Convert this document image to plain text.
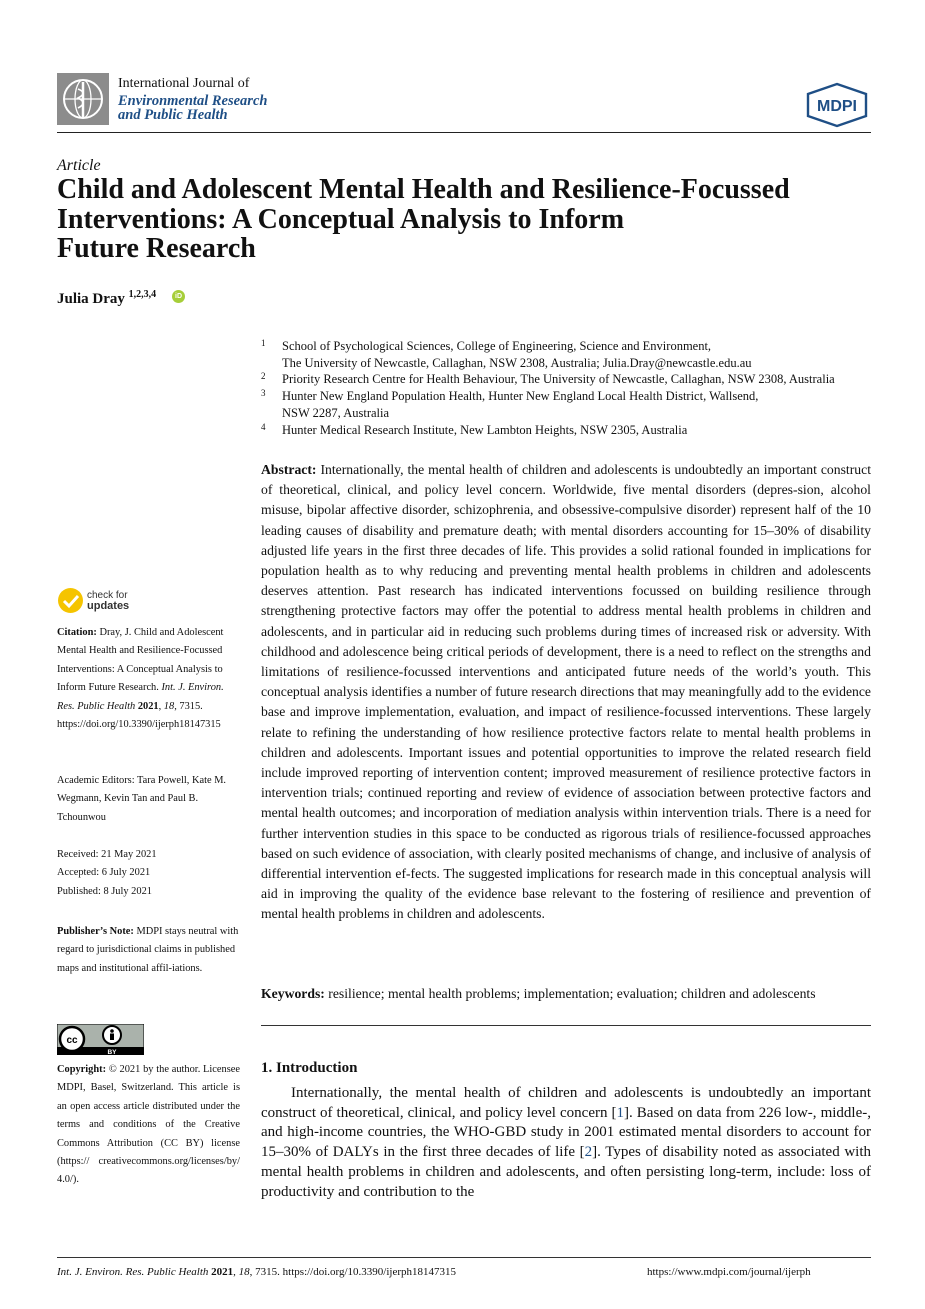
International Journal of
Environmental Research
and Public Health	MDPI
Article
Child and Adolescent Mental Health and Resilience-Focussed
Interventions: A Conceptual Analysis to Inform
Future Research
Julia Dray $^{1,2,3,4}$	iD
1 School of Psychological Sciences, College of Engineering, Science and Environment,
The University of Newcastle, Callaghan, NSW 2308, Australia; Julia.Dray@newcastle.edu.au
2 Priority Research Centre for Health Behaviour, The University of Newcastle, Callaghan, NSW 2308, Australia
3 Hunter New England Population Health, Hunter New England Local Health District, Wallsend,
NSW 2287, Australia
4 Hunter Medical Research Institute, New Lambton Heights, NSW 2305, Australia
Abstract: Internationally, the mental health of children and adolescents is undoubtedly an important construct of theoretical, clinical, and policy level concern. Worldwide, five mental disorders (depres-sion, alcohol misuse, bipolar affective disorder, schizophrenia, and obsessive-compulsive disorder) represent half of the 10 leading causes of disability and premature death; with mental disorders accounting for 15–30% of disability adjusted life years in the first three decades of life. This provides a solid rational founded in implications for population health as to why reducing and preventing mental health problems in children and adolescents deserves attention. Past research has indicated interventions focussed on building resilience through strengthening protective factors may offer the potential to address mental health problems in children and adolescents, and in particular aid in reducing such problems during times of increased risk or adversity. With childhood and adolescence being critical periods of development, there is a need to reflect on the strengths and limitations of resilience-focussed interventions and anticipated future needs of the world’s youth. This conceptual analysis identifies a number of future research directions that may meaningfully add to the evidence base and improve implementation, evaluation, and impact of resilience-focussed interventions. These largely relate to refining the understanding of how resilience protective factors relate to mental health problems in children and adolescents. Important issues and potential opportunities to improve the related research field include improved reporting of intervention content; improved measurement of resilience protective factors in intervention trials; continued reporting and review of evidence of association between protective factors and mental health outcomes; and incorporation of mediation analysis within intervention trials. There is a need for further intervention studies in this space to be conducted as rigorous trials of resilience-focussed approaches based on such evidence of association, with clearly posited mechanisms of change, and inclusive of analysis of differential intervention ef-fects. The suggested implications for research made in this conceptual analysis will aid in improving the quality of the evidence base relevant to the fostering of resilience and prevention of mental health problems in children and adolescents.
Keywords: resilience; mental health problems; implementation; evaluation; children and adolescents
1. Introduction
Internationally, the mental health of children and adolescents is undoubtedly an important construct of theoretical, clinical, and policy level concern [1]. Based on data from 226 low-, middle-, and high-income countries, the WHO-GBD study in 2001 estimated mental disorders to account for 15–30% of DALYs in the first three decades of life [2]. Types of disability noted as associated with mental health problems in children and adolescents, and often persisting long-term, include: loss of productivity and contribution to the
check for
updates
Citation: Dray, J. Child and Adolescent Mental Health and Resilience-Focussed Interventions: A Conceptual Analysis to Inform Future Research. Int. J. Environ. Res. Public Health 2021, 18, 7315. https://doi.org/10.3390/ijerph18147315
Academic Editors: Tara Powell, Kate M. Wegmann, Kevin Tan and Paul B. Tchounwou
Received: 21 May 2021
Accepted: 6 July 2021
Published: 8 July 2021
Publisher’s Note: MDPI stays neutral with regard to jurisdictional claims in published maps and institutional affil-iations.
cc
BY
Copyright: © 2021 by the author. Licensee MDPI, Basel, Switzerland. This article is an open access article distributed under the terms and conditions of the Creative Commons Attribution (CC BY) license (https:// creativecommons.org/licenses/by/ 4.0/).
Int. J. Environ. Res. Public Health 2021, 18, 7315. https://doi.org/10.3390/ijerph18147315	https://www.mdpi.com/journal/ijerph
